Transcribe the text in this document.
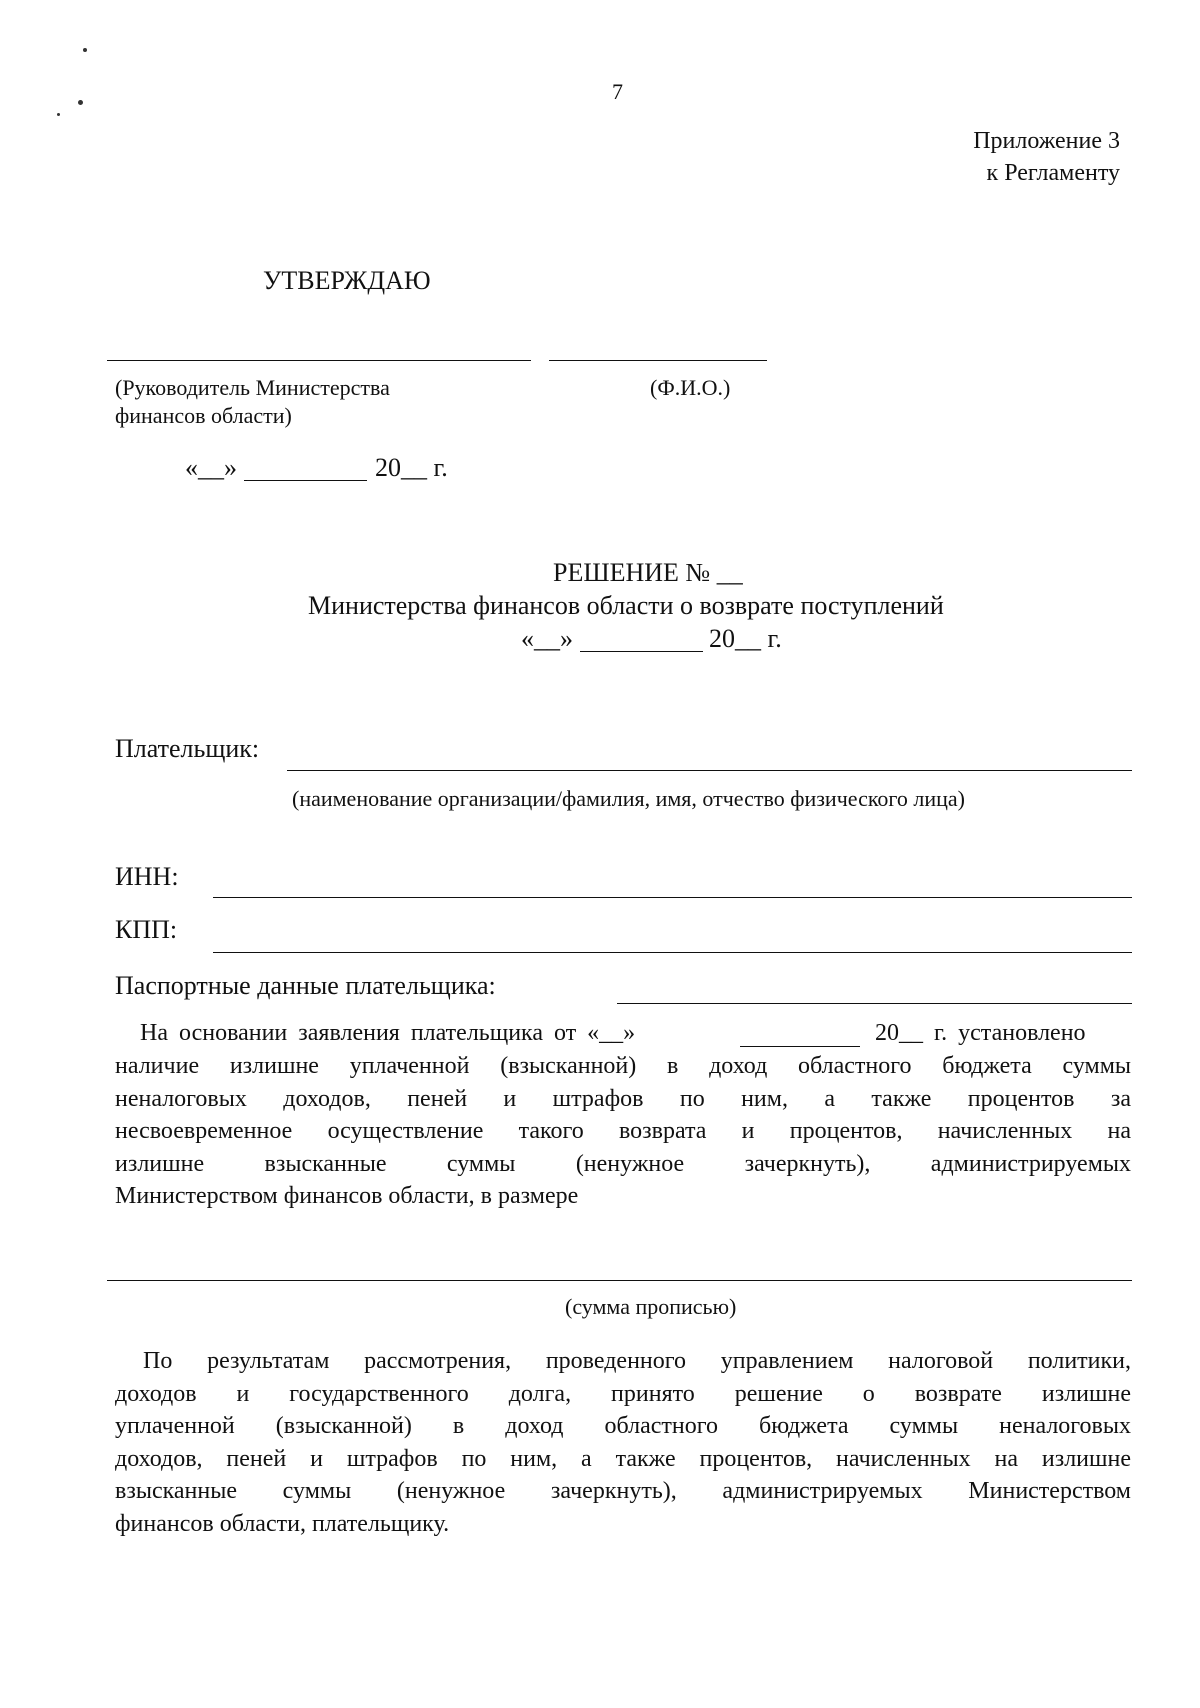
7
Приложение 3
к Регламенту
УТВЕРЖДАЮ
(Руководитель Министерства
финансов области)
(Ф.И.О.)
«__»	20__ г.
РЕШЕНИЕ № __
Министерства финансов области о возврате поступлений
«__»	20__ г.
Плательщик:
(наименование организации/фамилия, имя, отчество физического лица)
ИНН:
КПП:
Паспортные данные плательщика:
На основании заявления плательщика от «__»	20__ г. установлено
наличие излишне уплаченной (взысканной) в доход областного бюджета суммы
неналоговых доходов, пеней и штрафов по ним, а также процентов за
несвоевременное осуществление такого возврата и процентов, начисленных на
излишне взысканные суммы (ненужное зачеркнуть), администрируемых
Министерством финансов области, в размере
(сумма прописью)
По результатам рассмотрения, проведенного управлением налоговой политики,
доходов и государственного долга, принято решение о возврате излишне
уплаченной (взысканной) в доход областного бюджета суммы неналоговых
доходов, пеней и штрафов по ним, а также процентов, начисленных на излишне
взысканные суммы (ненужное зачеркнуть), администрируемых Министерством
финансов области, плательщику.
